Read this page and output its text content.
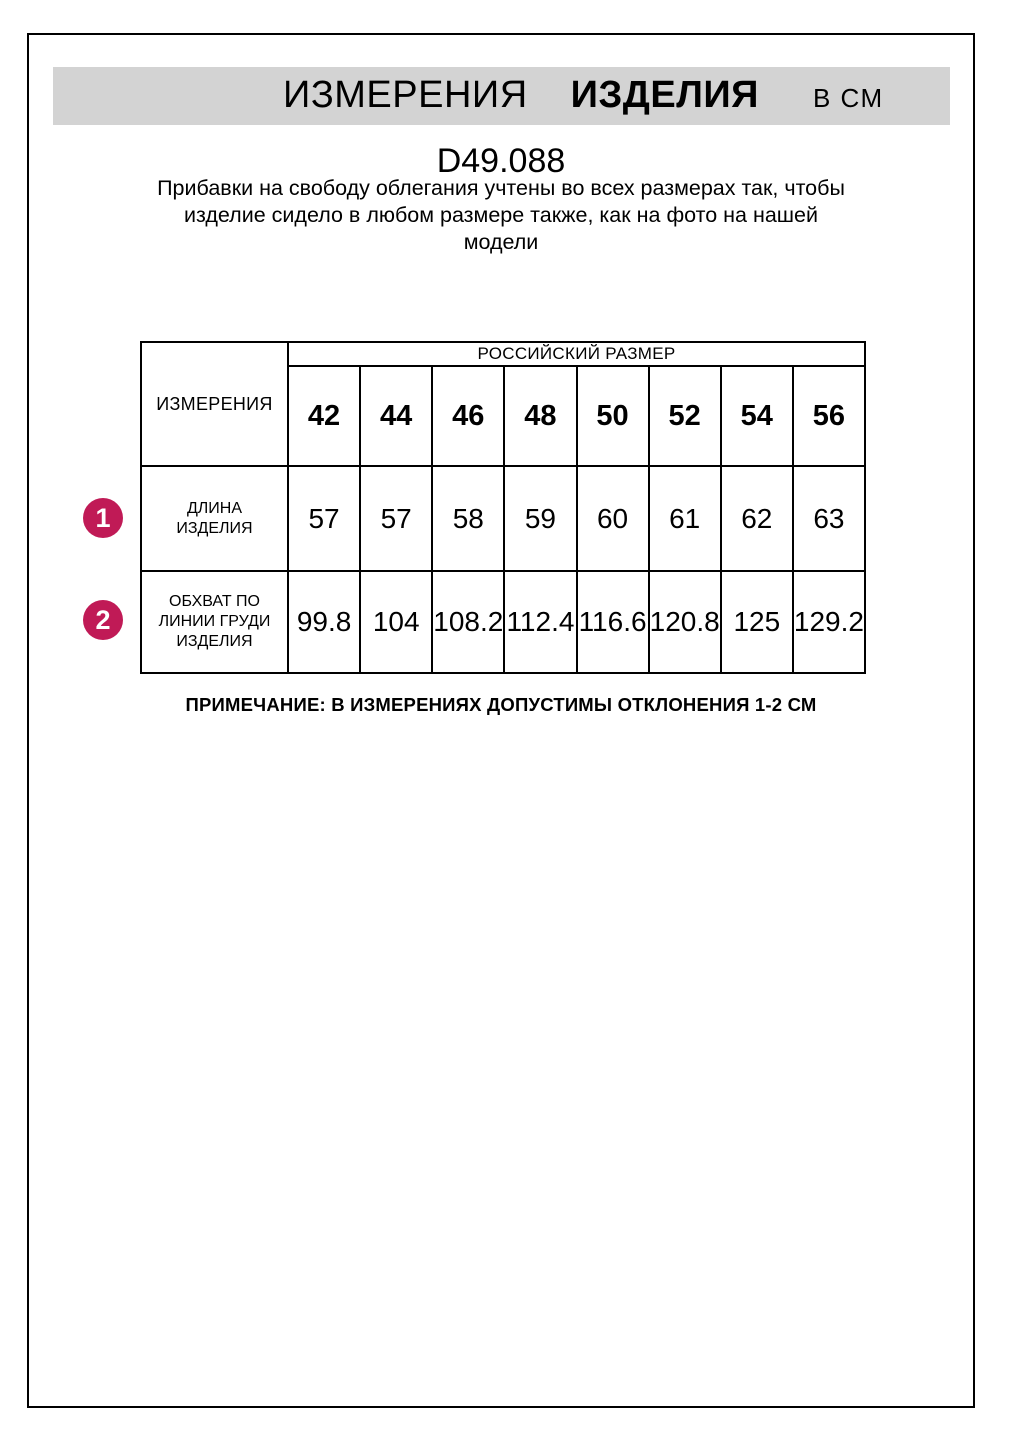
ИЗМЕРЕНИЯ ИЗДЕЛИЯ В СМ
D49.088
Прибавки на свободу облегания учтены во всех размерах так, чтобы
изделие сидело в любом размере также, как на фото на нашей
модели
1
2
ИЗМЕРЕНИЯ	РОССИЙСКИЙ РАЗМЕР							
	42	44	46	48	50	52	54	56
ДЛИНА ИЗДЕЛИЯ	57	57	58	59	60	61	62	63
ОБХВАТ ПО ЛИНИИ ГРУДИ ИЗДЕЛИЯ	99.8	104	108.2	112.4	116.6	120.8	125	129.2
ПРИМЕЧАНИЕ: В ИЗМЕРЕНИЯХ ДОПУСТИМЫ ОТКЛОНЕНИЯ 1-2 СМ
